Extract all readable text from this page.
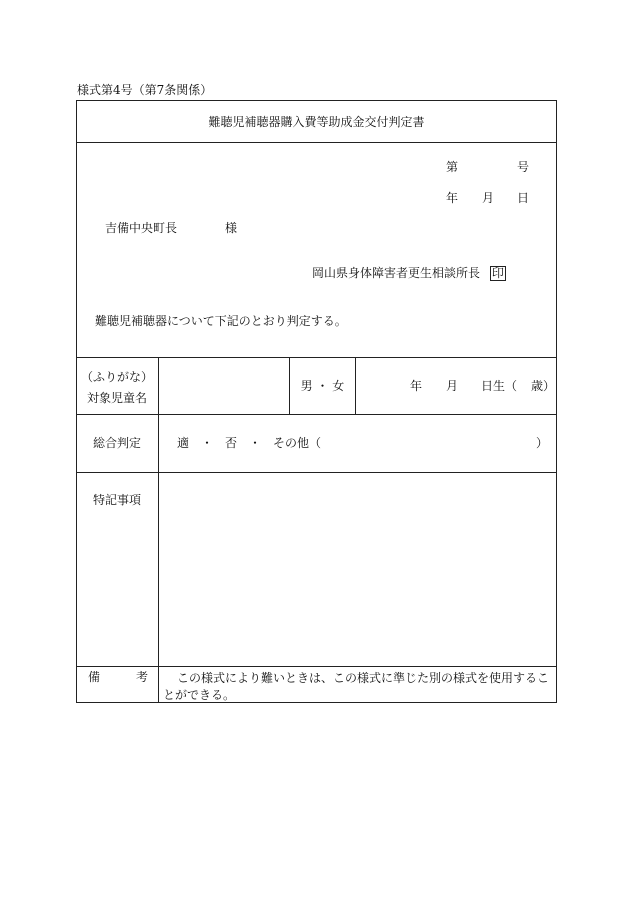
様式第4号（第7条関係）
難聴児補聴器購入費等助成金交付判定書
第	号
年 月 日
吉備中央町長	様
岡山県身体障害者更生相談所長 印
難聴児補聴器について下記のとおり判定する。
（ふりがな）
対象児童名
男 ・ 女	年 月 日生（ 歳）
総合判定	適　・　否　・　その他（	）
特記事項
備	考 この様式により難いときは、この様式に準じた別の様式を使用するこ
とができる。
